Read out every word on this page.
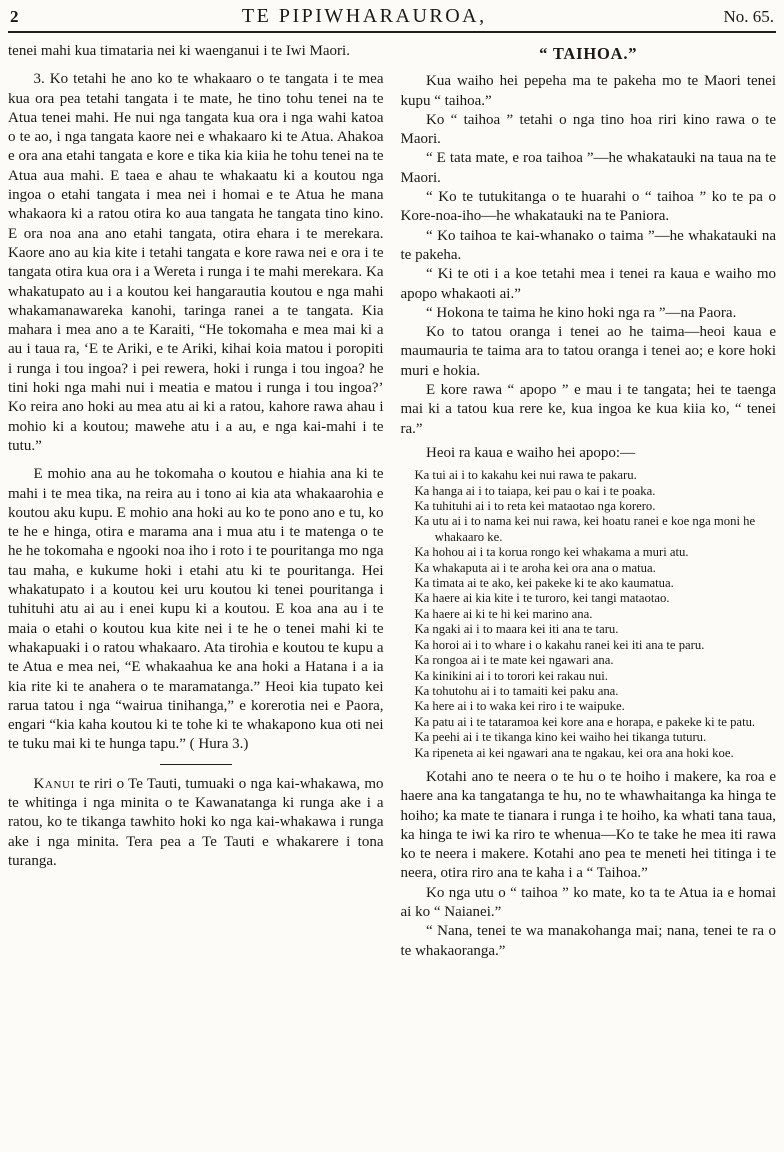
2	TE PIPIWHARAUROA,	No. 65.

tenei mahi kua timataria nei ki waenganui i te Iwi Maori.

3. Ko tetahi he ano ko te whakaaro o te tangata i te mea kua ora pea tetahi tangata i te mate, he tino tohu tenei na te Atua tenei mahi. He nui nga tangata kua ora i nga wahi katoa o te ao, i nga tangata kaore nei e whakaaro ki te Atua. Ahakoa e ora ana etahi tangata e kore e tika kia kiia he tohu tenei na te Atua aua mahi. E taea e ahau te whakaatu ki a koutou nga ingoa o etahi tangata i mea nei i homai e te Atua he mana whakaora ki a ratou otira ko aua tangata he tangata tino kino. E ora noa ana ano etahi tangata, otira ehara i te merekara. Kaore ano au kia kite i tetahi tangata e kore rawa nei e ora i te tangata otira kua ora i a Wereta i runga i te mahi merekara. Ka whakatupato au i a koutou kei hangarautia koutou e nga mahi whakamanawareka kanohi, taringa ranei a te tangata. Kia mahara i mea ano a te Karaiti, “He tokomaha e mea mai ki a au i taua ra, ‘E te Ariki, e te Ariki, kihai koia matou i poropiti i runga i tou ingoa? i pei rewera, hoki i runga i tou ingoa? he tini hoki nga mahi nui i meatia e matou i runga i tou ingoa?’ Ko reira ano hoki au mea atu ai ki a ratou, kahore rawa ahau i mohio ki a koutou; mawehe atu i a au, e nga kai-mahi i te tutu.”

E mohio ana au he tokomaha o koutou e hiahia ana ki te mahi i te mea tika, na reira au i tono ai kia ata whakaarohia e koutou aku kupu. E mohio ana hoki au ko te pono ano e tu, ko te he e hinga, otira e marama ana i mua atu i te matenga o te he he tokomaha e ngooki noa iho i roto i te pouritanga mo nga tau maha, e kukume hoki i etahi atu ki te pouritanga. Hei whakatupato i a koutou kei uru koutou ki tenei pouritanga i tuhituhi atu ai au i enei kupu ki a koutou. E koa ana au i te maia o etahi o koutou kua kite nei i te he o tenei mahi ki te whakapuaki i o ratou whakaaro. Ata tirohia e koutou te kupu a te Atua e mea nei, “E whakaahua ke ana hoki a Hatana i a ia kia rite ki te anahera o te maramatanga.” Heoi kia tupato kei rarua tatou i nga “wairua tinihanga,” e korerotia nei e Paora, engari “kia kaha koutou ki te tohe ki te whakapono kua oti nei te tuku mai ki te hunga tapu.” ( Hura 3.)

Kanui te riri o Te Tauti, tumuaki o nga kai-whakawa, mo te whitinga i nga minita o te Kawanatanga ki runga ake i a ratou, ko te tikanga tawhito hoki ko nga kai-whakawa i runga ake i nga minita. Tera pea a Te Tauti e whakarere i tona turanga.

“ TAIHOA.”

Kua waiho hei pepeha ma te pakeha mo te Maori tenei kupu “ taihoa.”

Ko “ taihoa ” tetahi o nga tino hoa riri kino rawa o te Maori.

“ E tata mate, e roa taihoa ”—he whakatauki na taua na te Maori.

“ Ko te tutukitanga o te huarahi o “ taihoa ” ko te pa o Kore-noa-iho—he whakatauki na te Paniora.

“ Ko taihoa te kai-whanako o taima ”—he whakatauki na te pakeha.

“ Ki te oti i a koe tetahi mea i tenei ra kaua e waiho mo apopo whakaoti ai.”

“ Hokona te taima he kino hoki nga ra ”—na Paora.

Ko to tatou oranga i tenei ao he taima—heoi kaua e maumauria te taima ara to tatou oranga i tenei ao; e kore hoki muri e hokia.

E kore rawa “ apopo ” e mau i te tangata; hei te taenga mai ki a tatou kua rere ke, kua ingoa ke kua kiia ko, “ tenei ra.”

Heoi ra kaua e waiho hei apopo:—

Ka tui ai i to kakahu kei nui rawa te pakaru.
Ka hanga ai i to taiapa, kei pau o kai i te poaka.
Ka tuhituhi ai i to reta kei mataotao nga korero.
Ka utu ai i to nama kei nui rawa, kei hoatu ranei e koe nga moni he whakaaro ke.
Ka hohou ai i ta korua rongo kei whakama a muri atu.
Ka whakaputa ai i te aroha kei ora ana o matua.
Ka timata ai te ako, kei pakeke ki te ako kaumatua.
Ka haere ai kia kite i te turoro, kei tangi mataotao.
Ka haere ai ki te hi kei marino ana.
Ka ngaki ai i to maara kei iti ana te taru.
Ka horoi ai i to whare i o kakahu ranei kei iti ana te paru.
Ka rongoa ai i te mate kei ngawari ana.
Ka kinikini ai i to torori kei rakau nui.
Ka tohutohu ai i to tamaiti kei paku ana.
Ka here ai i to waka kei riro i te waipuke.
Ka patu ai i te tataramoa kei kore ana e horapa, e pakeke ki te patu.
Ka peehi ai i te tikanga kino kei waiho hei tikanga tuturu.
Ka ripeneta ai kei ngawari ana te ngakau, kei ora ana hoki koe.

Kotahi ano te neera o te hu o te hoiho i makere, ka roa e haere ana ka tangatanga te hu, no te whawhaitanga ka hinga te hoiho; ka mate te tianara i runga i te hoiho, ka whati tana taua, ka hinga te iwi ka riro te whenua—Ko te take he mea iti rawa ko te neera i makere. Kotahi ano pea te meneti hei titinga i te neera, otira riro ana te kaha i a “ Taihoa.”

Ko nga utu o “ taihoa ” ko mate, ko ta te Atua ia e homai ai ko “ Naianei.”

“ Nana, tenei te wa manakohanga mai; nana, tenei te ra o te whakaoranga.”
